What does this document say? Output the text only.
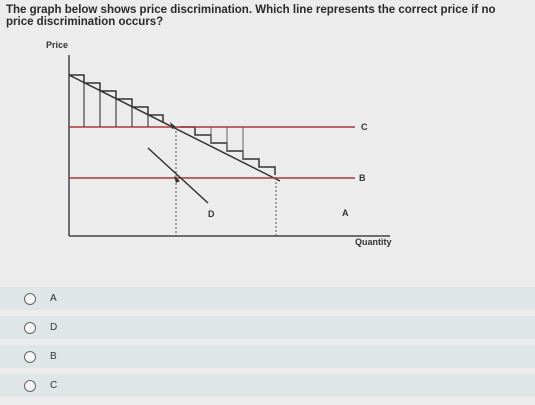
The graph below shows price discrimination. Which line represents the correct price if no price discrimination occurs?
Price
Quantity
C
B
D	A
A
D
B
C
